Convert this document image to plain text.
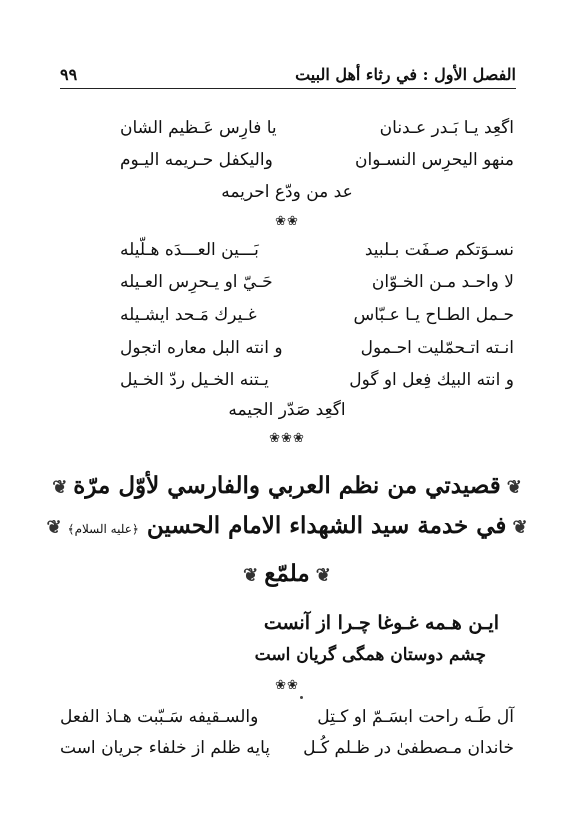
الفصل الأول : في رثاء أهل البيت
٩٩
اگعِد يـا بَـدر عـدنان
يا فارِس عَـظيم الشان
منهو اليحرِس النسـوان
واليكفل حـريمه اليـوم
عد من ودّع احريمه
❀❀
نسـوَتكم صـفَت بـلبيد
بَـــين العـــدَه هـلّيله
لا واحـد مـن الخـوّان
حَـيّ او يـحرِس العـيله
حـمل الطـاح يـا عـبّاس
غـيرك مَـحد ايشـيله
انـته اتـحمّليت احـمول
و انته البل معاره اتجول
و انته البيك فِعل او گول
يـتنه الخـيل ردّ الخـيل
اگعِد صَدّر الجيمه
❀❀❀
❦قصيدتي من نظم العربي والفارسي لأوّل مرّة❦
❦في خدمة سيد الشهداء الامام الحسين ﴿عليه السلام﴾❦
❦ملمّع❦
ايـن هـمه غـوغا چـرا از آنست
چشم دوستان همگی گریان است
❀❀
آل طَـه راحت ابسَـمّ او كـتِل
والسـقيفه سَـبّبت هـاذ الفعل
خاندان مـصطفیٰ در ظـلم كُـل
پايه ظلم از خلفاء جريان است
